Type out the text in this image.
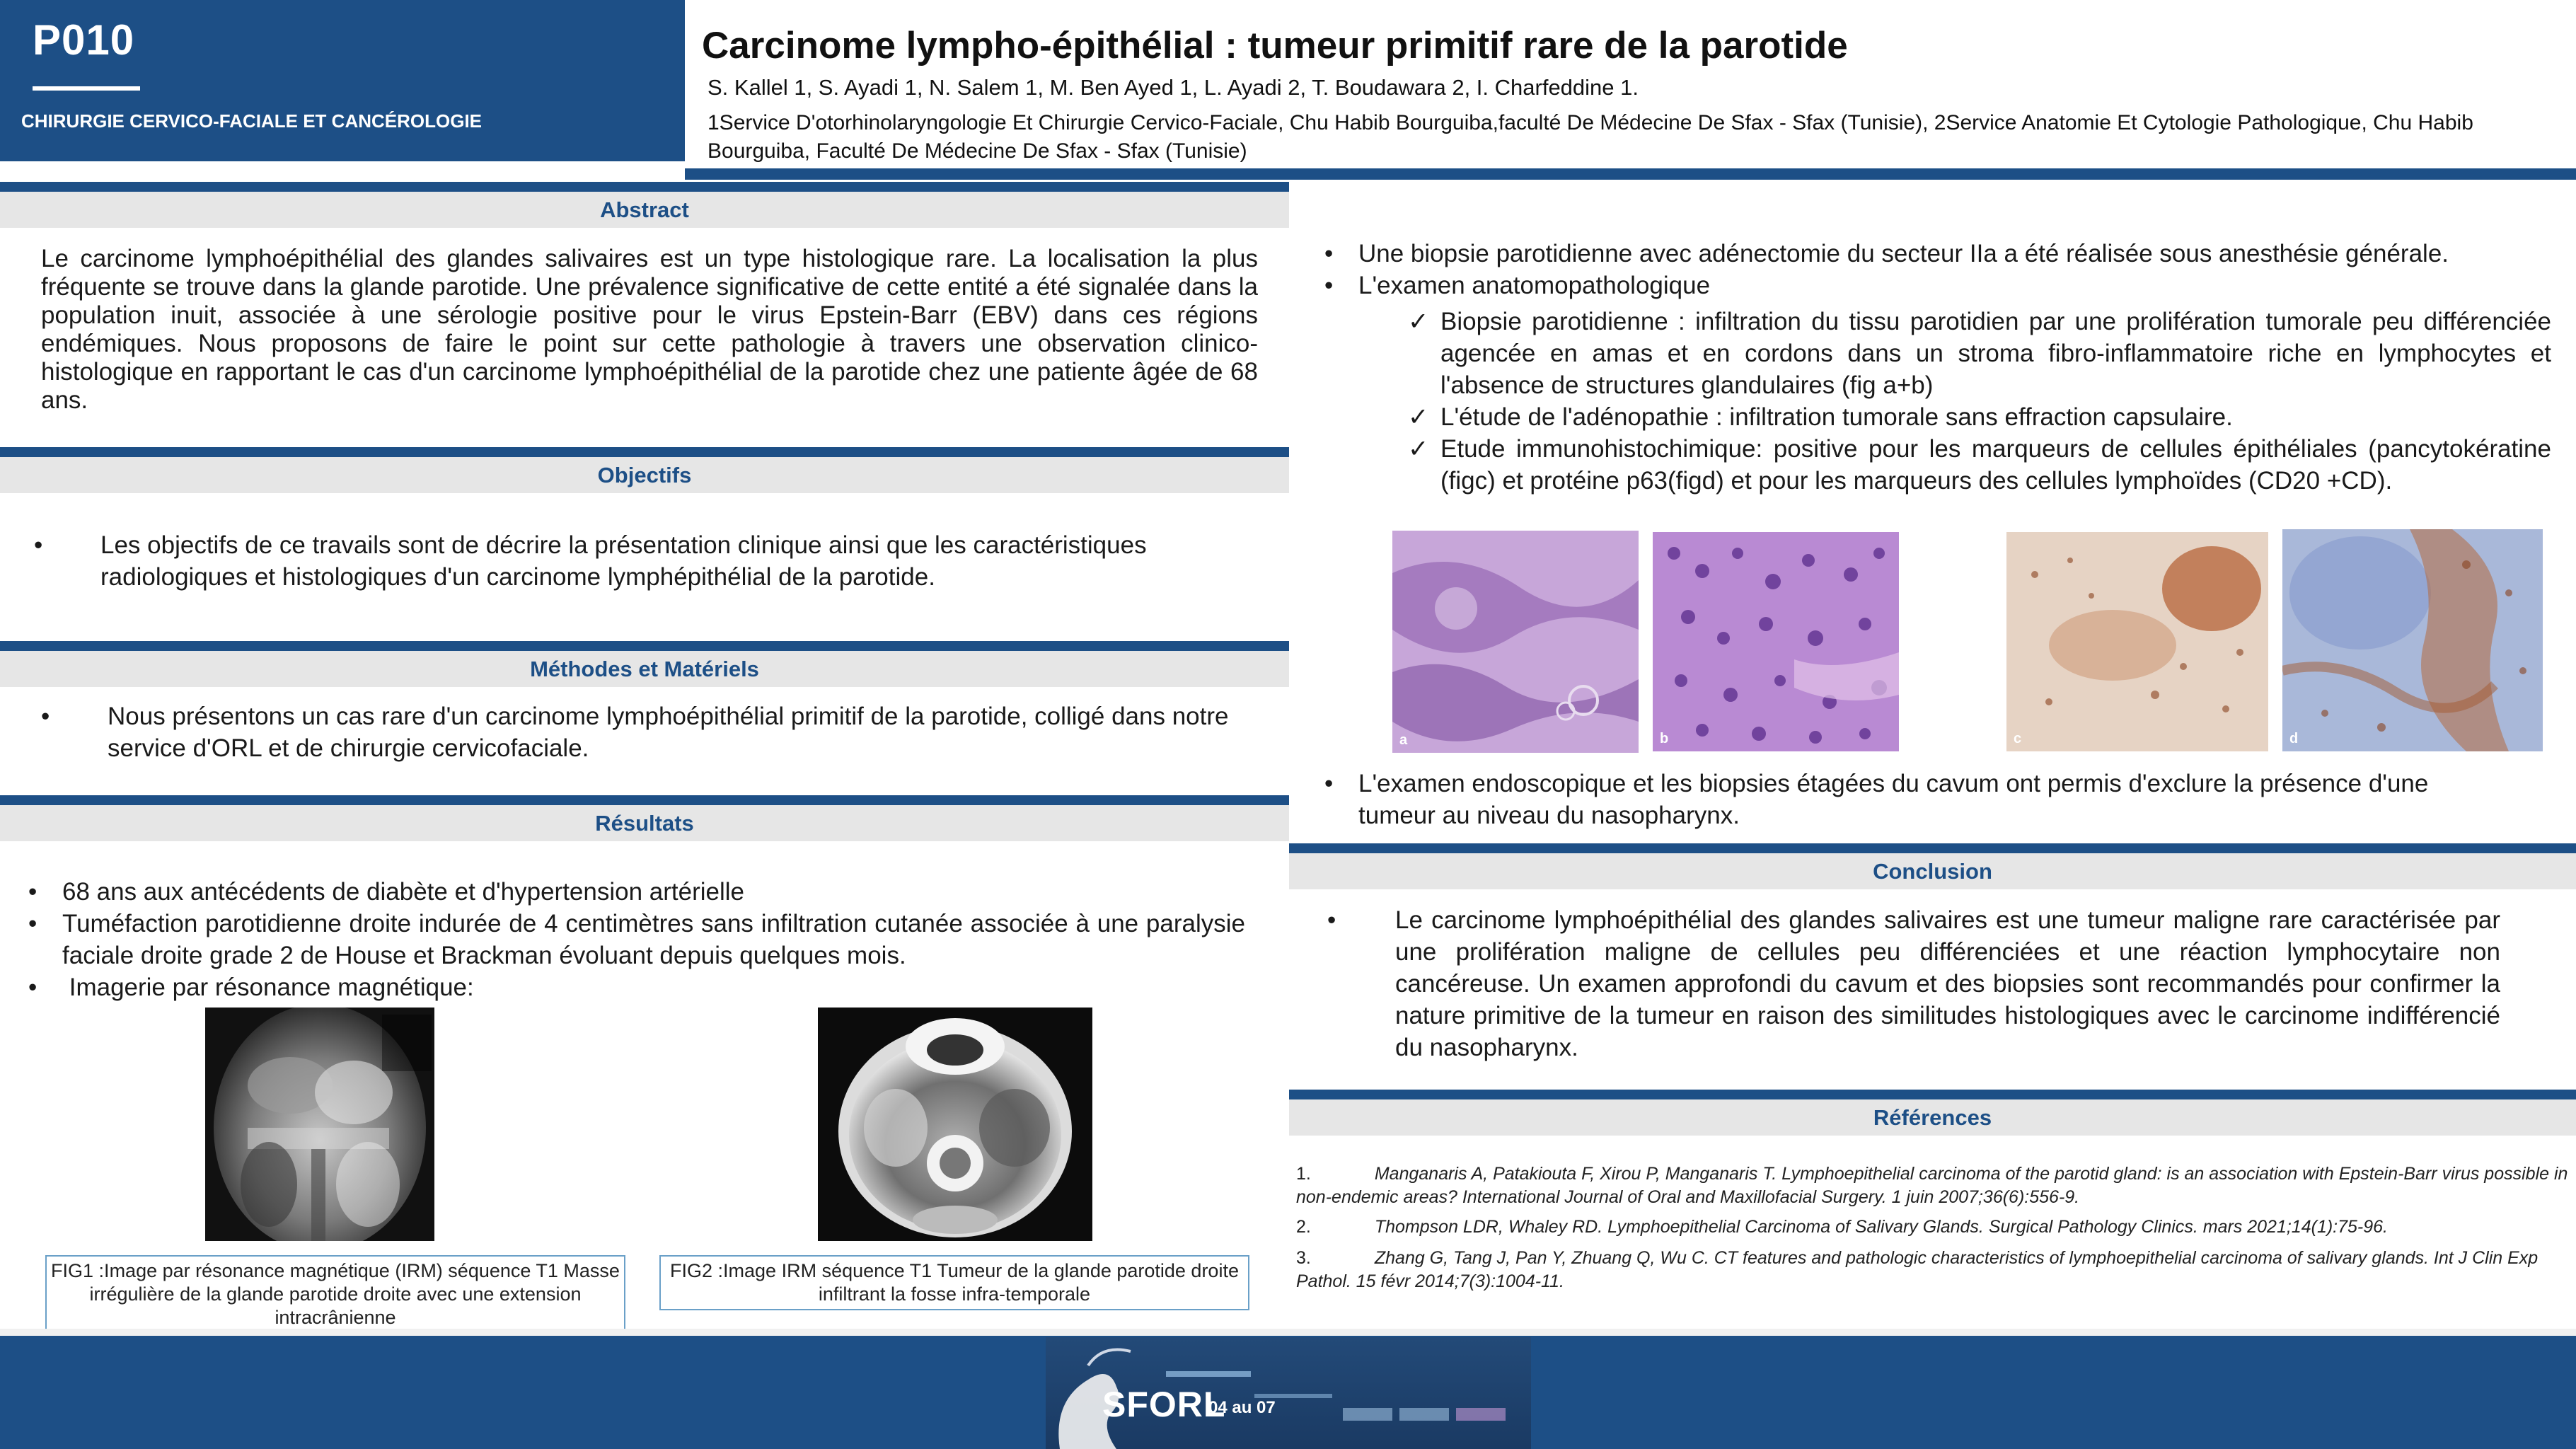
P010
CHIRURGIE CERVICO-FACIALE ET CANCÉROLOGIE
Carcinome lympho-épithélial : tumeur primitif rare de la parotide
S. Kallel 1, S. Ayadi 1, N. Salem 1, M. Ben Ayed 1, L. Ayadi 2, T. Boudawara 2, I. Charfeddine 1.
1Service D'otorhinolaryngologie Et Chirurgie Cervico-Faciale, Chu Habib Bourguiba,faculté De Médecine De Sfax - Sfax (Tunisie), 2Service Anatomie Et Cytologie Pathologique, Chu Habib Bourguiba, Faculté De Médecine De Sfax - Sfax (Tunisie)
Abstract
Le carcinome lymphoépithélial des glandes salivaires est un type histologique rare. La localisation la plus fréquente se trouve dans la glande parotide. Une prévalence significative de cette entité a été signalée dans la population inuit, associée à une sérologie positive pour le virus Epstein-Barr (EBV) dans ces régions endémiques. Nous proposons de faire le point sur cette pathologie à travers une observation clinico-histologique en rapportant le cas d'un carcinome lymphoépithélial de la parotide chez une patiente âgée de 68 ans.
Objectifs
• Les objectifs de ce travails sont de décrire la présentation clinique ainsi que les caractéristiques radiologiques et histologiques d'un carcinome lymphépithélial de la parotide.
Méthodes et Matériels
• Nous présentons un cas rare d'un carcinome lymphoépithélial primitif de la parotide, colligé dans notre service d'ORL et de chirurgie cervicofaciale.
Résultats
• 68 ans aux antécédents de diabète et d'hypertension artérielle
• Tuméfaction parotidienne droite indurée de 4 centimètres sans infiltration cutanée associée à une paralysie faciale droite grade 2 de House et Brackman évoluant depuis quelques mois.
• Imagerie par résonance magnétique:
FIG1 :Image par résonance magnétique (IRM) séquence T1 Masse irrégulière de la glande parotide droite avec une extension intracrânienne
FIG2 :Image IRM séquence T1 Tumeur de la glande parotide droite infiltrant la fosse infra-temporale
• Une biopsie parotidienne avec adénectomie du secteur IIa a été réalisée sous anesthésie générale.
• L'examen anatomopathologique
✓ Biopsie parotidienne : infiltration du tissu parotidien par une prolifération tumorale peu différenciée agencée en amas et en cordons dans un stroma fibro-inflammatoire riche en lymphocytes et l'absence de structures glandulaires (fig a+b)
✓ L'étude de l'adénopathie : infiltration tumorale sans effraction capsulaire.
✓ Etude immunohistochimique: positive pour les marqueurs de cellules épithéliales (pancytokératine (figc) et protéine p63(figd) et pour les marqueurs des cellules lymphoïdes (CD20 +CD).
a	b	c	d
• L'examen endoscopique et les biopsies étagées du cavum ont permis d'exclure la présence d'une tumeur au niveau du nasopharynx.
Conclusion
• Le carcinome lymphoépithélial des glandes salivaires est une tumeur maligne rare caractérisée par une prolifération maligne de cellules peu différenciées et une réaction lymphocytaire non cancéreuse. Un examen approfondi du cavum et des biopsies sont recommandés pour confirmer la nature primitive de la tumeur en raison des similitudes histologiques avec le carcinome indifférencié du nasopharynx.
Références
1.	Manganaris A, Patakiouta F, Xirou P, Manganaris T. Lymphoepithelial carcinoma of the parotid gland: is an association with Epstein-Barr virus possible in non-endemic areas? International Journal of Oral and Maxillofacial Surgery. 1 juin 2007;36(6):556-9.
2.	Thompson LDR, Whaley RD. Lymphoepithelial Carcinoma of Salivary Glands. Surgical Pathology Clinics. mars 2021;14(1):75-96.
3.	Zhang G, Tang J, Pan Y, Zhuang Q, Wu C. CT features and pathologic characteristics of lymphoepithelial carcinoma of salivary glands. Int J Clin Exp Pathol. 15 févr 2014;7(3):1004-11.
SFORL
04 au 07
